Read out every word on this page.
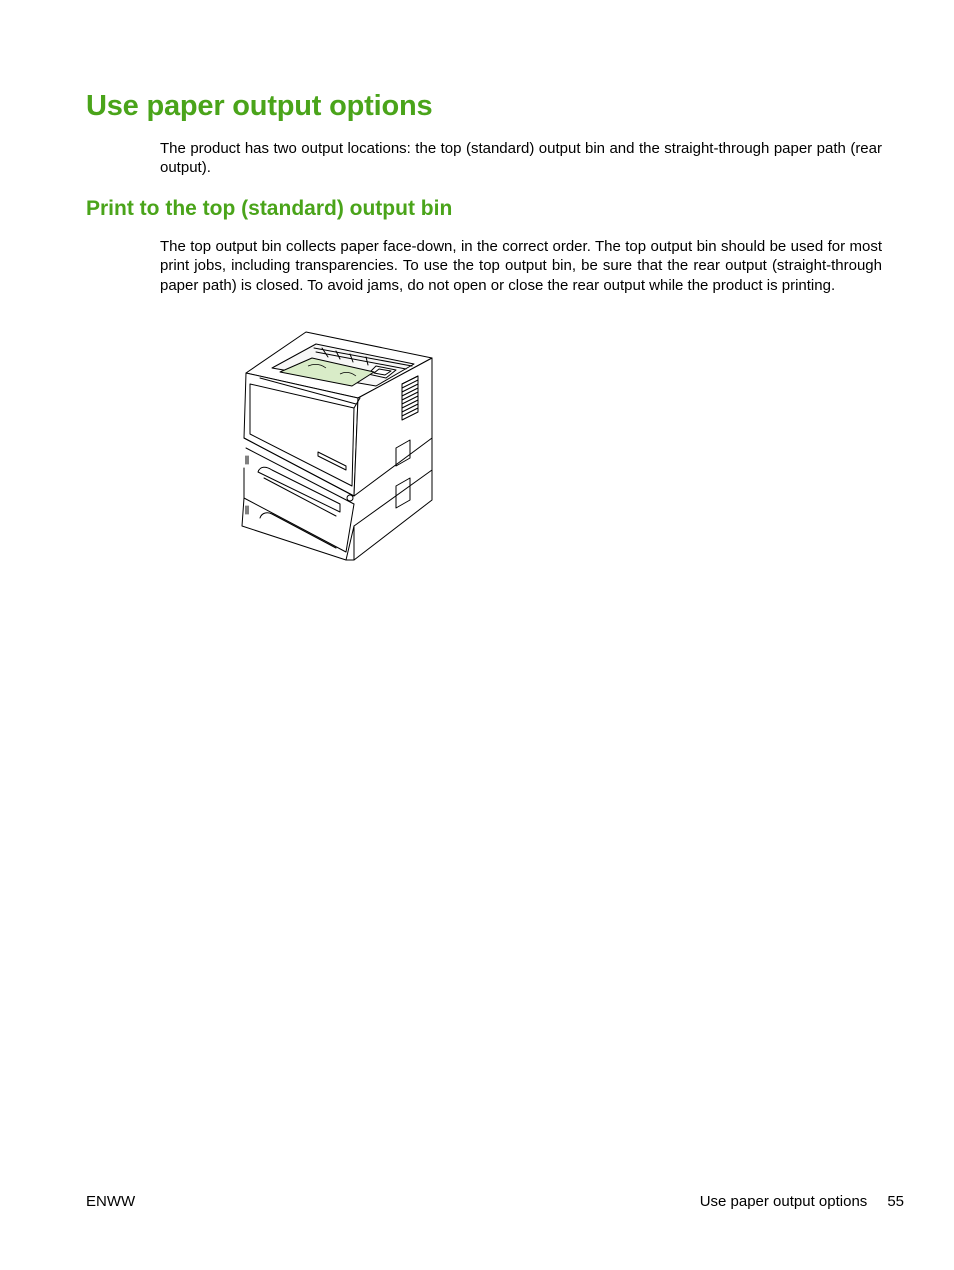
Use paper output options

The product has two output locations: the top (standard) output bin and the straight-through paper path (rear output).

Print to the top (standard) output bin

The top output bin collects paper face-down, in the correct order. The top output bin should be used for most print jobs, including transparencies. To use the top output bin, be sure that the rear output (straight-through paper path) is closed. To avoid jams, do not open or close the rear output while the product is printing.

ENWW	Use paper output options 55
